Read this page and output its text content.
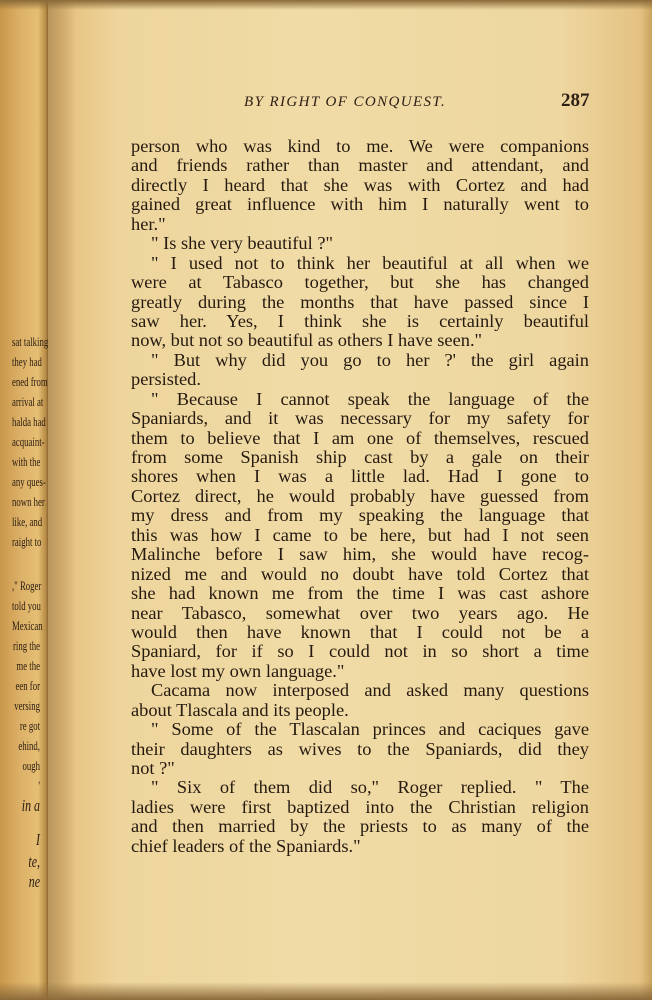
sat talking
they had
ened from
arrival at
halda had
acquaint-
with the
any ques-
nown her
like, and
raight to
," Roger
told you
Mexican
ring the
me the
een for
versing
re got
ehind,
ough
'
in a
I
te,
ne
BY RIGHT OF CONQUEST.	287
person who was kind to me. We were companions
and friends rather than master and attendant, and
directly I heard that she was with Cortez and had
gained great influence with him I naturally went to
her."
" Is she very beautiful ?"
" I used not to think her beautiful at all when we
were at Tabasco together, but she has changed
greatly during the months that have passed since I
saw her. Yes, I think she is certainly beautiful
now, but not so beautiful as others I have seen."
" But why did you go to her ?' the girl again
persisted.
" Because I cannot speak the language of the
Spaniards, and it was necessary for my safety for
them to believe that I am one of themselves, rescued
from some Spanish ship cast by a gale on their
shores when I was a little lad. Had I gone to
Cortez direct, he would probably have guessed from
my dress and from my speaking the language that
this was how I came to be here, but had I not seen
Malinche before I saw him, she would have recog-
nized me and would no doubt have told Cortez that
she had known me from the time I was cast ashore
near Tabasco, somewhat over two years ago. He
would then have known that I could not be a
Spaniard, for if so I could not in so short a time
have lost my own language."
Cacama now interposed and asked many questions
about Tlascala and its people.
" Some of the Tlascalan princes and caciques gave
their daughters as wives to the Spaniards, did they
not ?"
" Six of them did so," Roger replied. " The
ladies were first baptized into the Christian religion
and then married by the priests to as many of the
chief leaders of the Spaniards."
